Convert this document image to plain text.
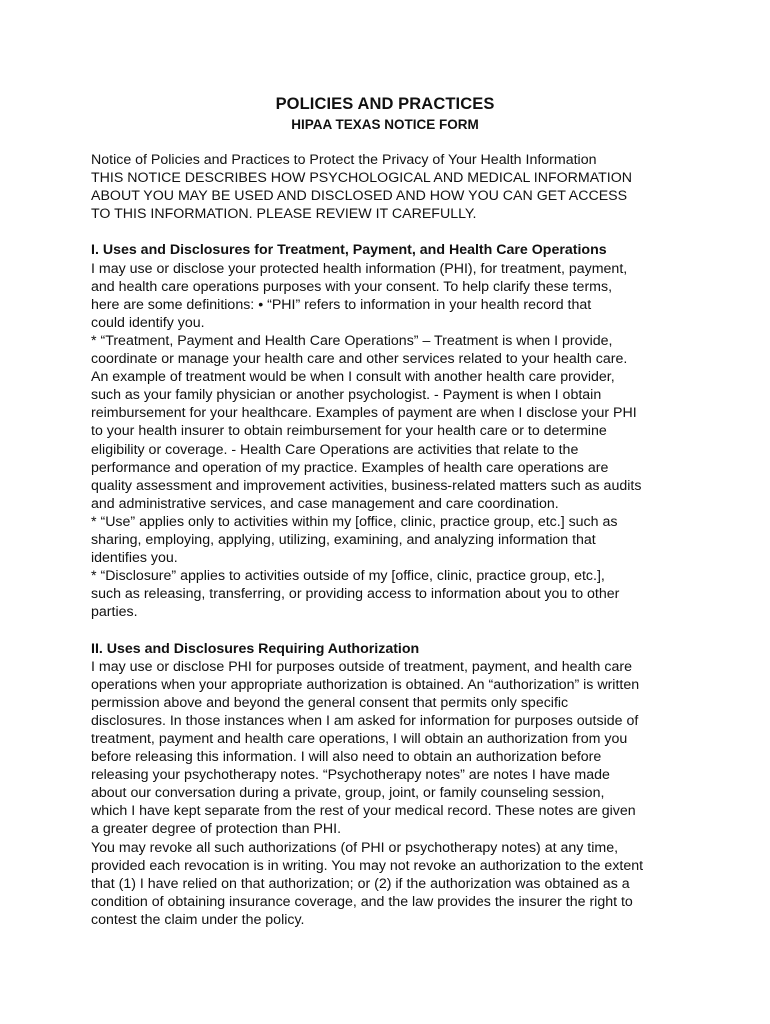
POLICIES AND PRACTICES
HIPAA TEXAS NOTICE FORM
Notice of Policies and Practices to Protect the Privacy of Your Health Information
THIS NOTICE DESCRIBES HOW PSYCHOLOGICAL AND MEDICAL INFORMATION
ABOUT YOU MAY BE USED AND DISCLOSED AND HOW YOU CAN GET ACCESS
TO THIS INFORMATION. PLEASE REVIEW IT CAREFULLY.
I. Uses and Disclosures for Treatment, Payment, and Health Care Operations
I may use or disclose your protected health information (PHI), for treatment, payment,
and health care operations purposes with your consent. To help clarify these terms,
here are some definitions: • “PHI” refers to information in your health record that
could identify you.
* “Treatment, Payment and Health Care Operations” – Treatment is when I provide,
coordinate or manage your health care and other services related to your health care.
An example of treatment would be when I consult with another health care provider,
such as your family physician or another psychologist. - Payment is when I obtain
reimbursement for your healthcare. Examples of payment are when I disclose your PHI
to your health insurer to obtain reimbursement for your health care or to determine
eligibility or coverage. - Health Care Operations are activities that relate to the
performance and operation of my practice. Examples of health care operations are
quality assessment and improvement activities, business-related matters such as audits
and administrative services, and case management and care coordination.
* “Use” applies only to activities within my [office, clinic, practice group, etc.] such as
sharing, employing, applying, utilizing, examining, and analyzing information that
identifies you.
* “Disclosure” applies to activities outside of my [office, clinic, practice group, etc.],
such as releasing, transferring, or providing access to information about you to other
parties.
II. Uses and Disclosures Requiring Authorization
I may use or disclose PHI for purposes outside of treatment, payment, and health care
operations when your appropriate authorization is obtained. An “authorization” is written
permission above and beyond the general consent that permits only specific
disclosures. In those instances when I am asked for information for purposes outside of
treatment, payment and health care operations, I will obtain an authorization from you
before releasing this information. I will also need to obtain an authorization before
releasing your psychotherapy notes. “Psychotherapy notes” are notes I have made
about our conversation during a private, group, joint, or family counseling session,
which I have kept separate from the rest of your medical record. These notes are given
a greater degree of protection than PHI.
You may revoke all such authorizations (of PHI or psychotherapy notes) at any time,
provided each revocation is in writing. You may not revoke an authorization to the extent
that (1) I have relied on that authorization; or (2) if the authorization was obtained as a
condition of obtaining insurance coverage, and the law provides the insurer the right to
contest the claim under the policy.
